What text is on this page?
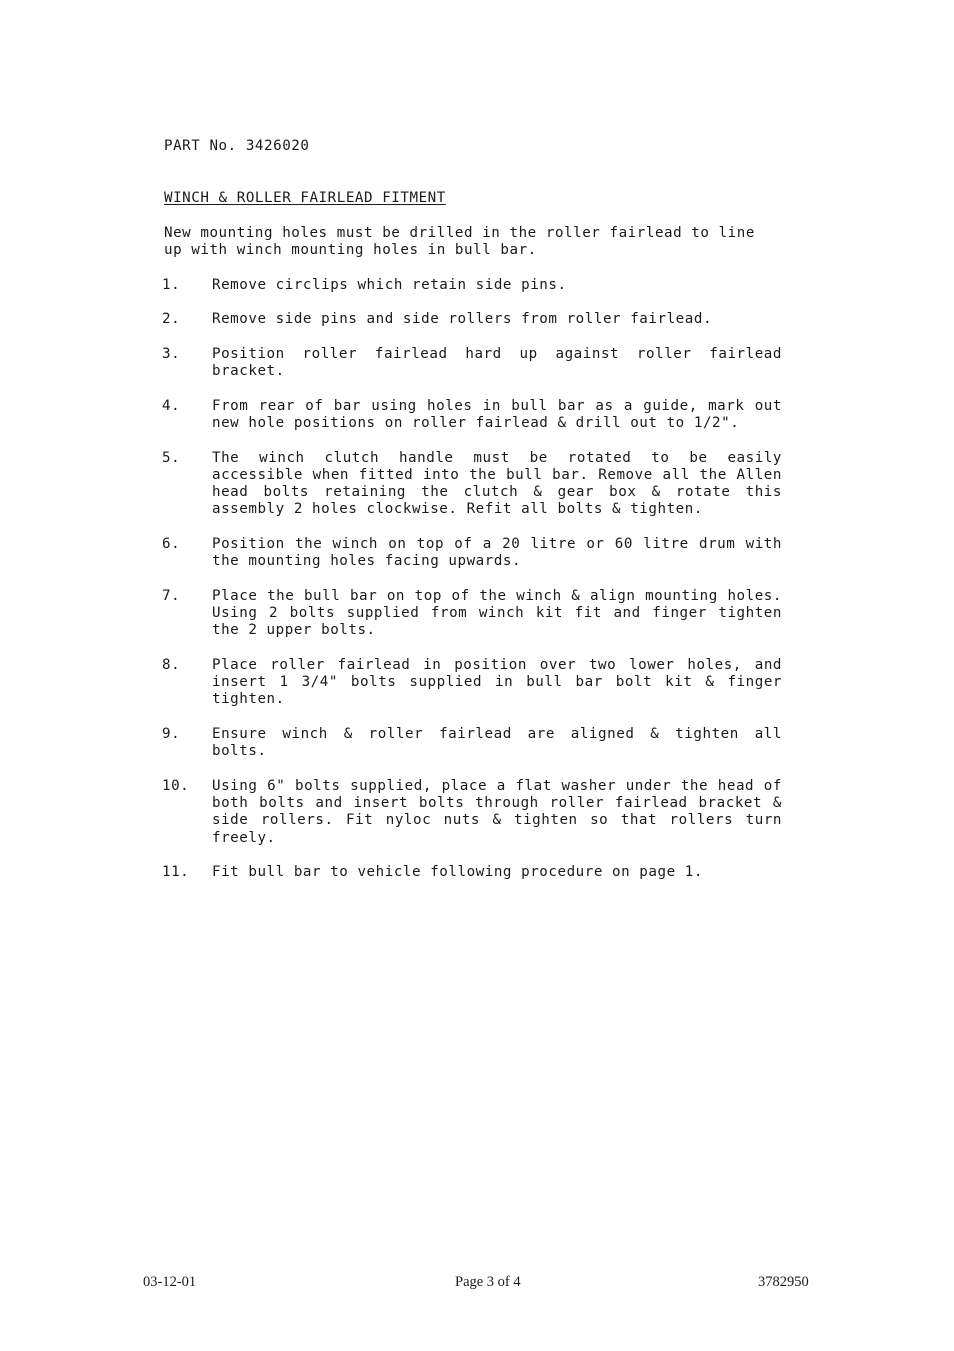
PART No. 3426020
WINCH & ROLLER FAIRLEAD FITMENT
New mounting holes must be drilled in the roller fairlead to line up with winch mounting holes in bull bar.
1.	Remove circlips which retain side pins.
2.	Remove side pins and side rollers from roller fairlead.
3.	Position roller fairlead hard up against roller fairlead bracket.
4.	From rear of bar using holes in bull bar as a guide, mark out new hole positions on roller fairlead & drill out to 1/2".
5.	The winch clutch handle must be rotated to be easily accessible when fitted into the bull bar. Remove all the Allen head bolts retaining the clutch & gear box & rotate this assembly 2 holes clockwise. Refit all bolts & tighten.
6.	Position the winch on top of a 20 litre or 60 litre drum with the mounting holes facing upwards.
7.	Place the bull bar on top of the winch & align mounting holes. Using 2 bolts supplied from winch kit fit and finger tighten the 2 upper bolts.
8.	Place roller fairlead in position over two lower holes, and insert 1 3/4" bolts supplied in bull bar bolt kit & finger tighten.
9.	Ensure winch & roller fairlead are aligned & tighten all bolts.
10.	Using 6" bolts supplied, place a flat washer under the head of both bolts and insert bolts through roller fairlead bracket & side rollers. Fit nyloc nuts & tighten so that rollers turn freely.
11.	Fit bull bar to vehicle following procedure on page 1.
03-12-01	Page 3 of 4	3782950
